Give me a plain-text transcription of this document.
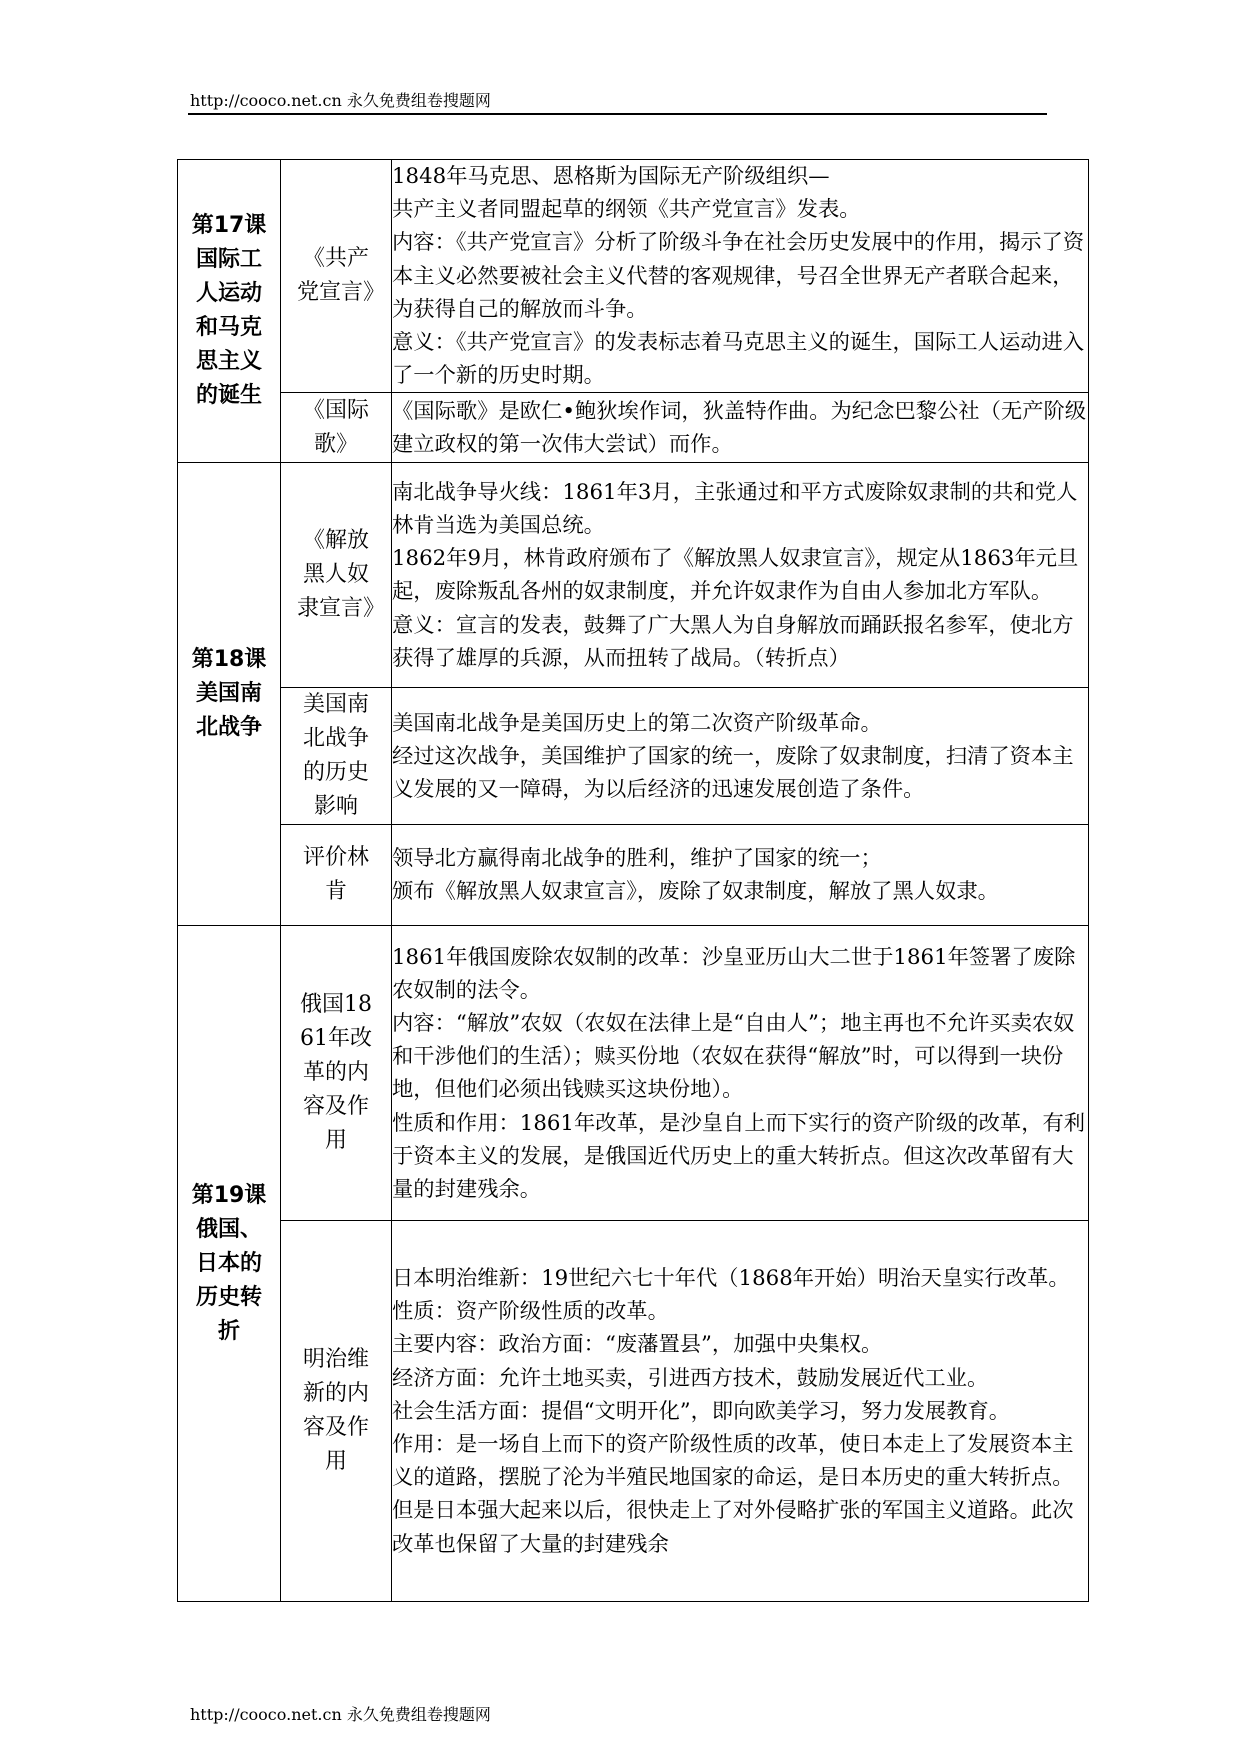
http://cooco.net.cn 永久免费组卷搜题网
第17课国际工人运动和马克思主义的诞生	《共产党宣言》	1848年马克思、恩格斯为国际无产阶级组织—

共产主义者同盟起草的纲领《共产党宣言》发表。

内容：《共产党宣言》分析了阶级斗争在社会历史发展中的作用，揭示了资本主义必然要被社会主义代替的客观规律，号召全世界无产者联合起来，为获得自己的解放而斗争。

意义：《共产党宣言》的发表标志着马克思主义的诞生，国际工人运动进入了一个新的历史时期。

	《国际歌》	《国际歌》是欧仁•鲍狄埃作词，狄盖特作曲。为纪念巴黎公社（无产阶级建立政权的第一次伟大尝试）而作。

第18课美国南北战争	《解放黑人奴隶宣言》	南北战争导火线：1861年3月，主张通过和平方式废除奴隶制的共和党人林肯当选为美国总统。

1862年9月，林肯政府颁布了《解放黑人奴隶宣言》，规定从1863年元旦起，废除叛乱各州的奴隶制度，并允许奴隶作为自由人参加北方军队。

意义：宣言的发表，鼓舞了广大黑人为自身解放而踊跃报名参军，使北方获得了雄厚的兵源，从而扭转了战局。（转折点）

	美国南北战争的历史影响	美国南北战争是美国历史上的第二次资产阶级革命。

经过这次战争，美国维护了国家的统一，废除了奴隶制度，扫清了资本主义发展的又一障碍，为以后经济的迅速发展创造了条件。

	评价林肯	领导北方赢得南北战争的胜利，维护了国家的统一；

颁布《解放黑人奴隶宣言》，废除了奴隶制度，解放了黑人奴隶。

第19课俄国、日本的历史转折	俄国1861年改革的内容及作用	1861年俄国废除农奴制的改革：沙皇亚历山大二世于1861年签署了废除农奴制的法令。

内容：“解放”农奴（农奴在法律上是“自由人”；地主再也不允许买卖农奴和干涉他们的生活）；赎买份地（农奴在获得“解放”时，可以得到一块份地，但他们必须出钱赎买这块份地）。

性质和作用：1861年改革，是沙皇自上而下实行的资产阶级的改革，有利于资本主义的发展，是俄国近代历史上的重大转折点。但这次改革留有大量的封建残余。

	明治维新的内容及作用	日本明治维新：19世纪六七十年代（1868年开始）明治天皇实行改革。性质：资产阶级性质的改革。

主要内容：政治方面：“废藩置县”，加强中央集权。

经济方面：允许土地买卖，引进西方技术，鼓励发展近代工业。

社会生活方面：提倡“文明开化”，即向欧美学习，努力发展教育。

作用：是一场自上而下的资产阶级性质的改革，使日本走上了发展资本主义的道路，摆脱了沦为半殖民地国家的命运，是日本历史的重大转折点。但是日本强大起来以后，很快走上了对外侵略扩张的军国主义道路。此次改革也保留了大量的封建残余

http://cooco.net.cn 永久免费组卷搜题网
